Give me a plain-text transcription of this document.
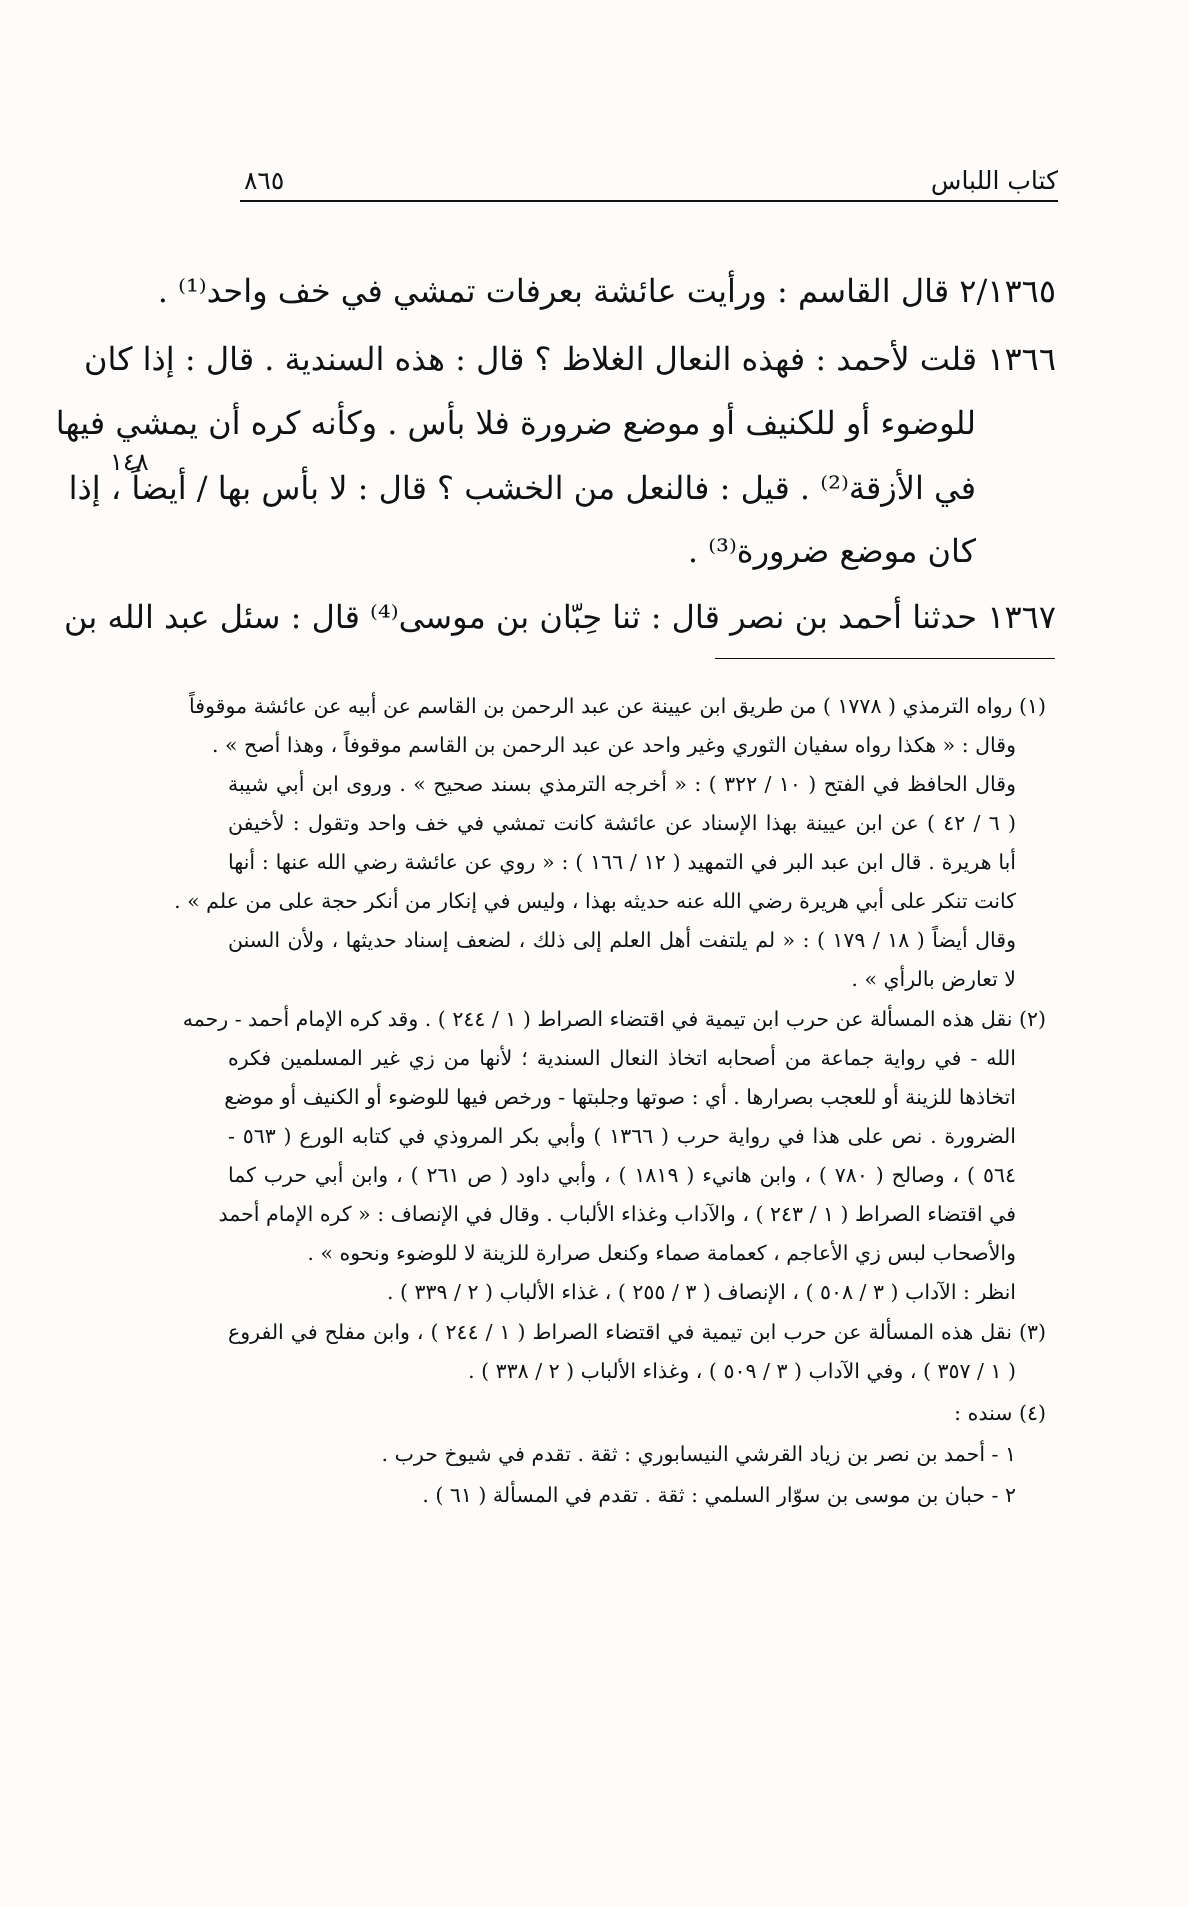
كتاب اللباس
٨٦٥
١٤٨
٢/١٣٦٥ قال القاسم : ورأيت عائشة بعرفات تمشي في خف واحد⁽¹⁾ .
١٣٦٦ قلت لأحمد : فهذه النعال الغلاظ ؟ قال : هذه السندية . قال : إذا كان
للوضوء أو للكنيف أو موضع ضرورة فلا بأس . وكأنه كره أن يمشي فيها
في الأزقة⁽²⁾ . قيل : فالنعل من الخشب ؟ قال : لا بأس بها / أيضاً ، إذا
كان موضع ضرورة⁽³⁾ .
١٣٦٧ حدثنا أحمد بن نصر قال : ثنا حِبّان بن موسى⁽⁴⁾ قال : سئل عبد الله بن
(١) رواه الترمذي ( ١٧٧٨ ) من طريق ابن عيينة عن عبد الرحمن بن القاسم عن أبيه عن عائشة موقوفاً
وقال : « هكذا رواه سفيان الثوري وغير واحد عن عبد الرحمن بن القاسم موقوفاً ، وهذا أصح » .
وقال الحافظ في الفتح ( ١٠ / ٣٢٢ ) : « أخرجه الترمذي بسند صحيح » . وروى ابن أبي شيبة
( ٦ / ٤٢ ) عن ابن عيينة بهذا الإسناد عن عائشة كانت تمشي في خف واحد وتقول : لأخيفن
أبا هريرة . قال ابن عبد البر في التمهيد ( ١٢ / ١٦٦ ) : « روي عن عائشة رضي الله عنها : أنها
كانت تنكر على أبي هريرة رضي الله عنه حديثه بهذا ، وليس في إنكار من أنكر حجة على من علم » .
وقال أيضاً ( ١٨ / ١٧٩ ) : « لم يلتفت أهل العلم إلى ذلك ، لضعف إسناد حديثها ، ولأن السنن
لا تعارض بالرأي » .
(٢) نقل هذه المسألة عن حرب ابن تيمية في اقتضاء الصراط ( ١ / ٢٤٤ ) . وقد كره الإمام أحمد - رحمه
الله - في رواية جماعة من أصحابه اتخاذ النعال السندية ؛ لأنها من زي غير المسلمين فكره
اتخاذها للزينة أو للعجب بصرارها . أي : صوتها وجلبتها - ورخص فيها للوضوء أو الكنيف أو موضع
الضرورة . نص على هذا في رواية حرب ( ١٣٦٦ ) وأبي بكر المروذي في كتابه الورع ( ٥٦٣ -
٥٦٤ ) ، وصالح ( ٧٨٠ ) ، وابن هانيء ( ١٨١٩ ) ، وأبي داود ( ص ٢٦١ ) ، وابن أبي حرب كما
في اقتضاء الصراط ( ١ / ٢٤٣ ) ، والآداب وغذاء الألباب . وقال في الإنصاف : « كره الإمام أحمد
والأصحاب لبس زي الأعاجم ، كعمامة صماء وكنعل صرارة للزينة لا للوضوء ونحوه » .
انظر : الآداب ( ٣ / ٥٠٨ ) ، الإنصاف ( ٣ / ٢٥٥ ) ، غذاء الألباب ( ٢ / ٣٣٩ ) .
(٣) نقل هذه المسألة عن حرب ابن تيمية في اقتضاء الصراط ( ١ / ٢٤٤ ) ، وابن مفلح في الفروع
( ١ / ٣٥٧ ) ، وفي الآداب ( ٣ / ٥٠٩ ) ، وغذاء الألباب ( ٢ / ٣٣٨ ) .
(٤) سنده :
١ - أحمد بن نصر بن زياد القرشي النيسابوري : ثقة . تقدم في شيوخ حرب .
٢ - حبان بن موسى بن سوّار السلمي : ثقة . تقدم في المسألة ( ٦١ ) .
